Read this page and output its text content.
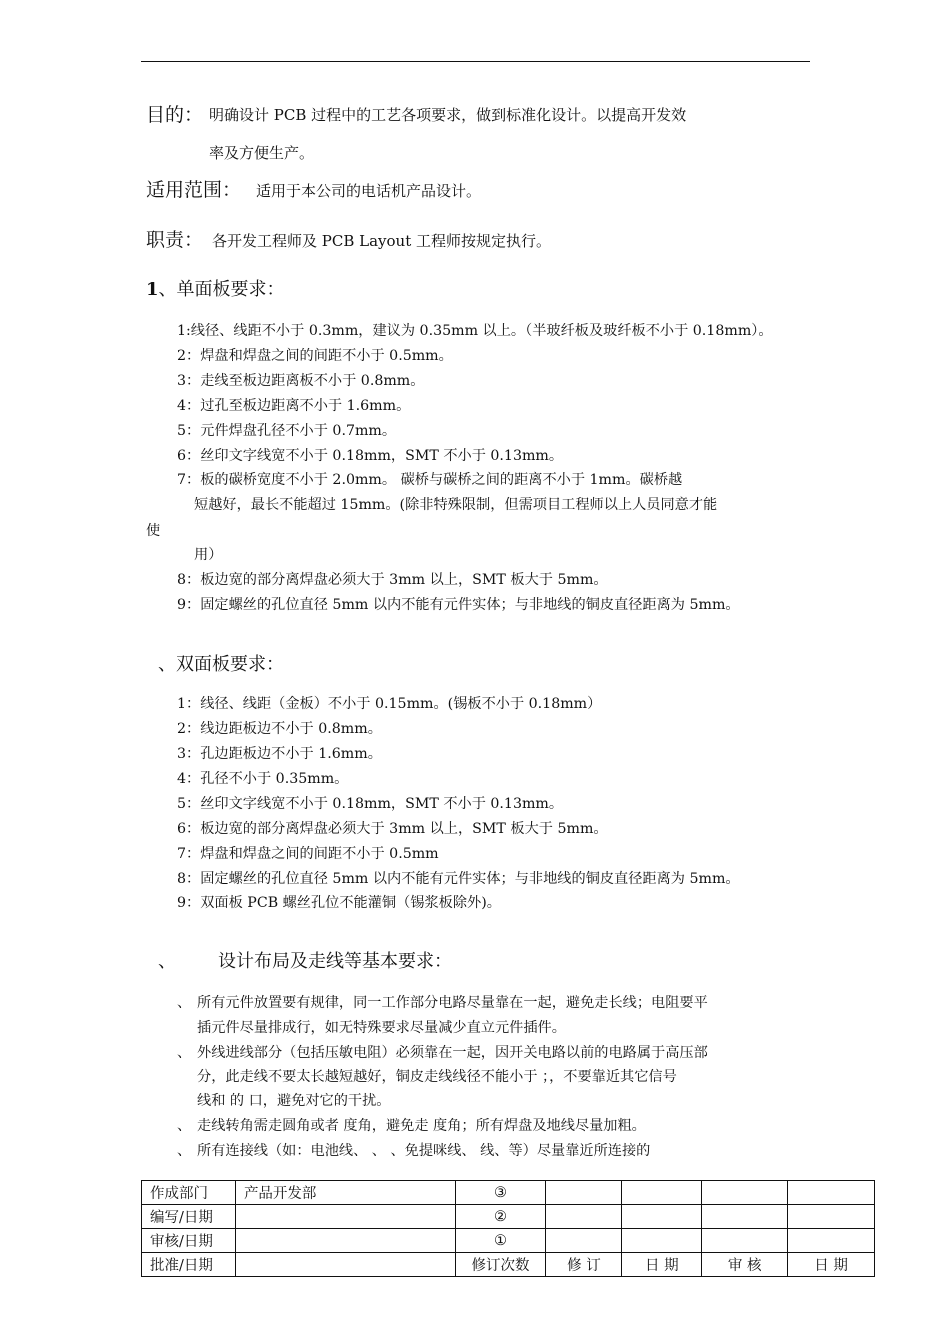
目的： 明确设计 PCB 过程中的工艺各项要求，做到标准化设计。以提高开发效
率及方便生产。
适用范围： 适用于本公司的电话机产品设计。
职责： 各开发工程师及 PCB Layout 工程师按规定执行。
1、单面板要求：
1:线径、线距不小于 0.3mm，建议为 0.35mm 以上。（半玻纤板及玻纤板不小于 0.18mm）。
2：焊盘和焊盘之间的间距不小于 0.5mm。
3：走线至板边距离板不小于 0.8mm。
4：过孔至板边距离不小于 1.6mm。
5：元件焊盘孔径不小于 0.7mm。
6：丝印文字线宽不小于 0.18mm，SMT 不小于 0.13mm。
7：板的碳桥宽度不小于 2.0mm。 碳桥与碳桥之间的距离不小于 1mm。碳桥越
短越好，最长不能超过 15mm。(除非特殊限制，但需项目工程师以上人员同意才能
使
用）
8：板边宽的部分离焊盘必须大于 3mm 以上，SMT 板大于 5mm。
9：固定螺丝的孔位直径 5mm 以内不能有元件实体；与非地线的铜皮直径距离为 5mm。
、双面板要求：
1：线径、线距（金板）不小于 0.15mm。(锡板不小于 0.18mm）
2：线边距板边不小于 0.8mm。
3：孔边距板边不小于 1.6mm。
4：孔径不小于 0.35mm。
5：丝印文字线宽不小于 0.18mm，SMT 不小于 0.13mm。
6：板边宽的部分离焊盘必须大于 3mm 以上，SMT 板大于 5mm。
7：焊盘和焊盘之间的间距不小于 0.5mm
8：固定螺丝的孔位直径 5mm 以内不能有元件实体；与非地线的铜皮直径距离为 5mm。
9：双面板 PCB 螺丝孔位不能灌铜（锡浆板除外)。
、 设计布局及走线等基本要求：
、 所有元件放置要有规律，同一工作部分电路尽量靠在一起，避免走长线；电阻要平
插元件尽量排成行，如无特殊要求尽量减少直立元件插件。
、 外线进线部分（包括压敏电阻）必须靠在一起，因开关电路以前的电路属于高压部
分，此走线不要太长越短越好，铜皮走线线径不能小于 ；，不要靠近其它信号
线和 的 口，避免对它的干扰。
、 走线转角需走圆角或者 度角，避免走 度角；所有焊盘及地线尽量加粗。
、 所有连接线（如：电池线、 、 、免提咪线、 线、等）尽量靠近所连接的
作成部门	产品开发部	③				
编写/日期		②				
审核/日期		①				
批准/日期		修订次数	修 订	日 期	审 核	日 期
